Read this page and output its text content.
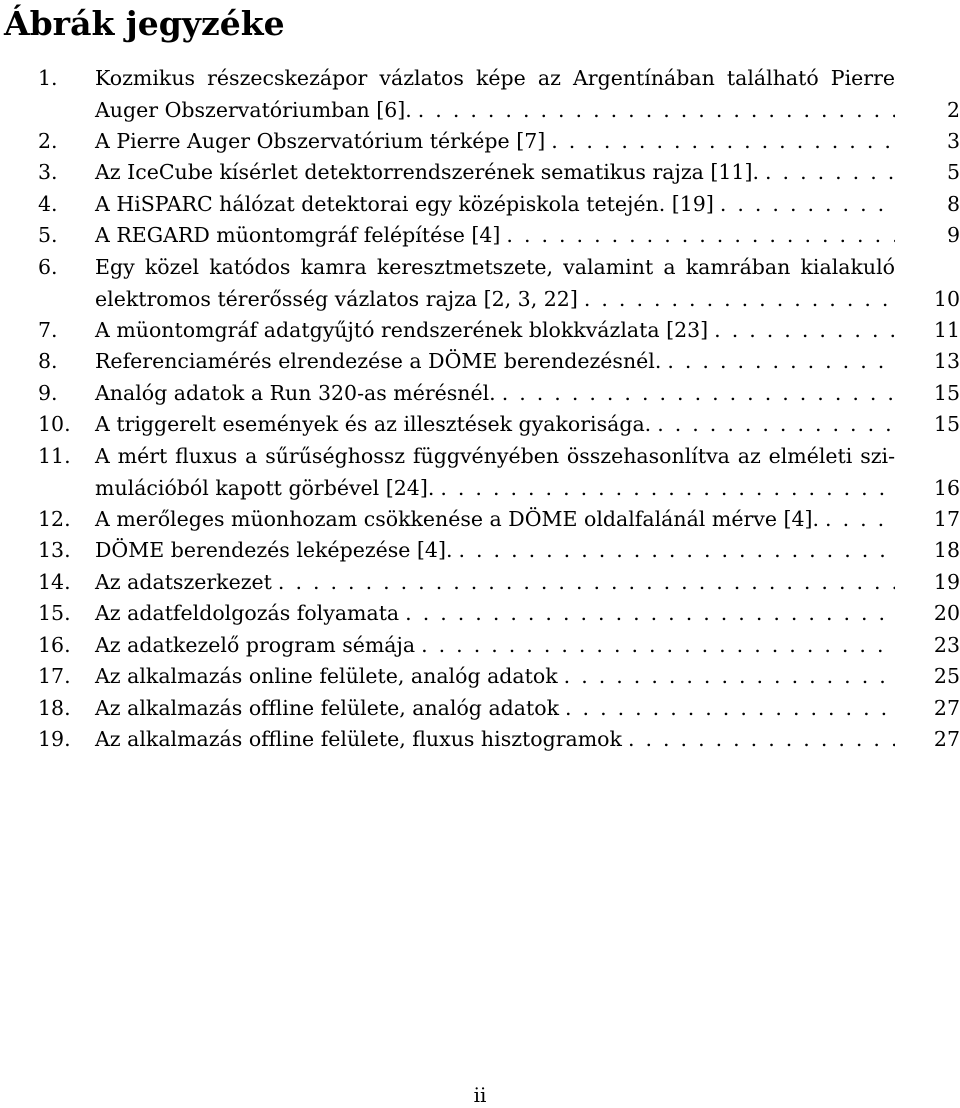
Ábrák jegyzéke
1. Kozmikus részecskezápor vázlatos képe az Argentínában található Pierre
Auger Obszervatóriumban [6]. . . .	2
2. A Pierre Auger Obszervatórium térképe [7] . . .	3
3. Az IceCube kísérlet detektorrendszerének sematikus rajza [11]. . . .	5
4. A HiSPARC hálózat detektorai egy középiskola tetején. [19] . . .	8
5. A REGARD müontomgráf felépítése [4] . . .	9
6. Egy közel katódos kamra keresztmetszete, valamint a kamrában kialakuló
elektromos térerősség vázlatos rajza [2, 3, 22] . . .	10
7. A müontomgráf adatgyűjtó rendszerének blokkvázlata [23] . . .	11
8. Referenciamérés elrendezése a DÖME berendezésnél. . . .	13
9. Analóg adatok a Run 320-as mérésnél. . . .	15
10. A triggerelt események és az illesztések gyakorisága. . . .	15
11. A mért fluxus a sűrűséghossz függvényében összehasonlítva az elméleti szi-
mulációból kapott görbével [24]. . . .	16
12. A merőleges müonhozam csökkenése a DÖME oldalfalánál mérve [4]. . . .	17
13. DÖME berendezés leképezése [4]. . . .	18
14. Az adatszerkezet . . .	19
15. Az adatfeldolgozás folyamata . . .	20
16. Az adatkezelő program sémája . . .	23
17. Az alkalmazás online felülete, analóg adatok . . .	25
18. Az alkalmazás offline felülete, analóg adatok . . .	27
19. Az alkalmazás offline felülete, fluxus hisztogramok . . .	27
ii
